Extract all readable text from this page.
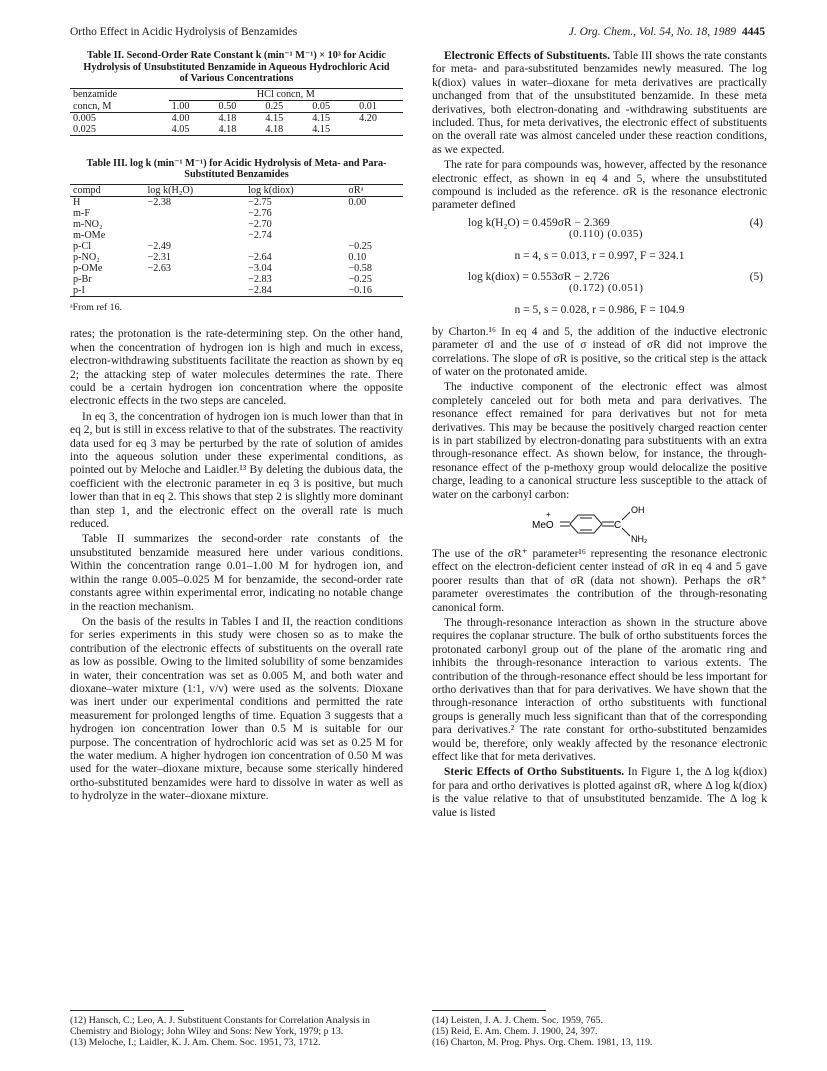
Ortho Effect in Acidic Hydrolysis of Benzamides	J. Org. Chem., Vol. 54, No. 18, 1989 4445
Table II. Second-Order Rate Constant k (min⁻¹ M⁻¹) × 10³ for Acidic Hydrolysis of Unsubstituted Benzamide in Aqueous Hydrochloric Acid of Various Concentrations
benzamide	HCl concn, M				
concn, M	1.00	0.50	0.25	0.05	0.01
0.005	4.00	4.18	4.15	4.15	4.20
0.025	4.05	4.18	4.18	4.15	
Table III. log k (min⁻¹ M⁻¹) for Acidic Hydrolysis of Meta- and Para-Substituted Benzamides
compd	log k(H₂O)	log k(diox)	σRᵃ
H	−2.38	−2.75	0.00
m-F		−2.76	
m-NO₂		−2.70	
m-OMe		−2.74	
p-Cl	−2.49		−0.25
p-NO₂	−2.31	−2.64	0.10
p-OMe	−2.63	−3.04	−0.58
p-Br		−2.83	−0.25
p-I		−2.84	−0.16
ᵃFrom ref 16.

rates; the protonation is the rate-determining step. On the other hand, when the concentration of hydrogen ion is high and much in excess, electron-withdrawing substituents facilitate the reaction as shown by eq 2; the attacking step of water molecules determines the rate. There could be a certain hydrogen ion concentration where the opposite electronic effects in the two steps are canceled.

In eq 3, the concentration of hydrogen ion is much lower than that in eq 2, but is still in excess relative to that of the substrates. The reactivity data used for eq 3 may be perturbed by the rate of solution of amides into the aqueous solution under these experimental conditions, as pointed out by Meloche and Laidler.¹³ By deleting the dubious data, the coefficient with the electronic parameter in eq 3 is positive, but much lower than that in eq 2. This shows that step 2 is slightly more dominant than step 1, and the electronic effect on the overall rate is much reduced.

Table II summarizes the second-order rate constants of the unsubstituted benzamide measured here under various conditions. Within the concentration range 0.01–1.00 M for hydrogen ion, and within the range 0.005–0.025 M for benzamide, the second-order rate constants agree within experimental error, indicating no notable change in the reaction mechanism.

On the basis of the results in Tables I and II, the reaction conditions for series experiments in this study were chosen so as to make the contribution of the electronic effects of substituents on the overall rate as low as possible. Owing to the limited solubility of some benzamides in water, their concentration was set as 0.005 M, and both water and dioxane–water mixture (1:1, v/v) were used as the solvents. Dioxane was inert under our experimental conditions and permitted the rate measurement for prolonged lengths of time. Equation 3 suggests that a hydrogen ion concentration lower than 0.5 M is suitable for our purpose. The concentration of hydrochloric acid was set as 0.25 M for the water medium. A higher hydrogen ion concentration of 0.50 M was used for the water–dioxane mixture, because some sterically hindered ortho-substituted benzamides were hard to dissolve in water as well as to hydrolyze in the water–dioxane mixture.

Electronic Effects of Substituents. Table III shows the rate constants for meta- and para-substituted benzamides newly measured. The log k(diox) values in water–dioxane for meta derivatives are practically unchanged from that of the unsubstituted benzamide. In these meta derivatives, both electron-donating and -withdrawing substituents are included. Thus, for meta derivatives, the electronic effect of substituents on the overall rate was almost canceled under these reaction conditions, as we expected.

The rate for para compounds was, however, affected by the resonance electronic effect, as shown in eq 4 and 5, where the unsubstituted compound is included as the reference. σR is the resonance electronic parameter defined

log k(H₂O) = 0.459σR − 2.369
(0.110) (0.035)
(4)
n = 4, s = 0.013, r = 0.997, F = 324.1
log k(diox) = 0.553σR − 2.726
(0.172) (0.051)
(5)
n = 5, s = 0.028, r = 0.986, F = 104.9

by Charton.¹⁶ In eq 4 and 5, the addition of the inductive electronic parameter σI and the use of σ instead of σR did not improve the correlations. The slope of σR is positive, so the critical step is the attack of water on the protonated amide.

The inductive component of the electronic effect was almost completely canceled out for both meta and para derivatives. The resonance effect remained for para derivatives but not for meta derivatives. This may be because the positively charged reaction center is in part stabilized by electron-donating para substituents with an extra through-resonance effect. As shown below, for instance, the through-resonance effect of the p-methoxy group would delocalize the positive charge, leading to a canonical structure less susceptible to the attack of water on the carbonyl carbon:

MeO
+
C
OH
NH₂

The use of the σR⁺ parameter¹⁶ representing the resonance electronic effect on the electron-deficient center instead of σR in eq 4 and 5 gave poorer results than that of σR (data not shown). Perhaps the σR⁺ parameter overestimates the contribution of the through-resonating canonical form.

The through-resonance interaction as shown in the structure above requires the coplanar structure. The bulk of ortho substituents forces the protonated carbonyl group out of the plane of the aromatic ring and inhibits the through-resonance interaction to various extents. The contribution of the through-resonance effect should be less important for ortho derivatives than that for para derivatives. We have shown that the through-resonance interaction of ortho substituents with functional groups is generally much less significant than that of the corresponding para derivatives.² The rate constant for ortho-substituted benzamides would be, therefore, only weakly affected by the resonance electronic effect like that for meta derivatives.

Steric Effects of Ortho Substituents. In Figure 1, the Δ log k(diox) for para and ortho derivatives is plotted against σR, where Δ log k(diox) is the value relative to that of unsubstituted benzamide. The Δ log k value is listed

(12) Hansch, C.; Leo, A. J. Substituent Constants for Correlation Analysis in Chemistry and Biology; John Wiley and Sons: New York, 1979; p 13.
(13) Meloche, I.; Laidler, K. J. Am. Chem. Soc. 1951, 73, 1712.
(14) Leisten, J. A. J. Chem. Soc. 1959, 765.
(15) Reid, E. Am. Chem. J. 1900, 24, 397.
(16) Charton, M. Prog. Phys. Org. Chem. 1981, 13, 119.
